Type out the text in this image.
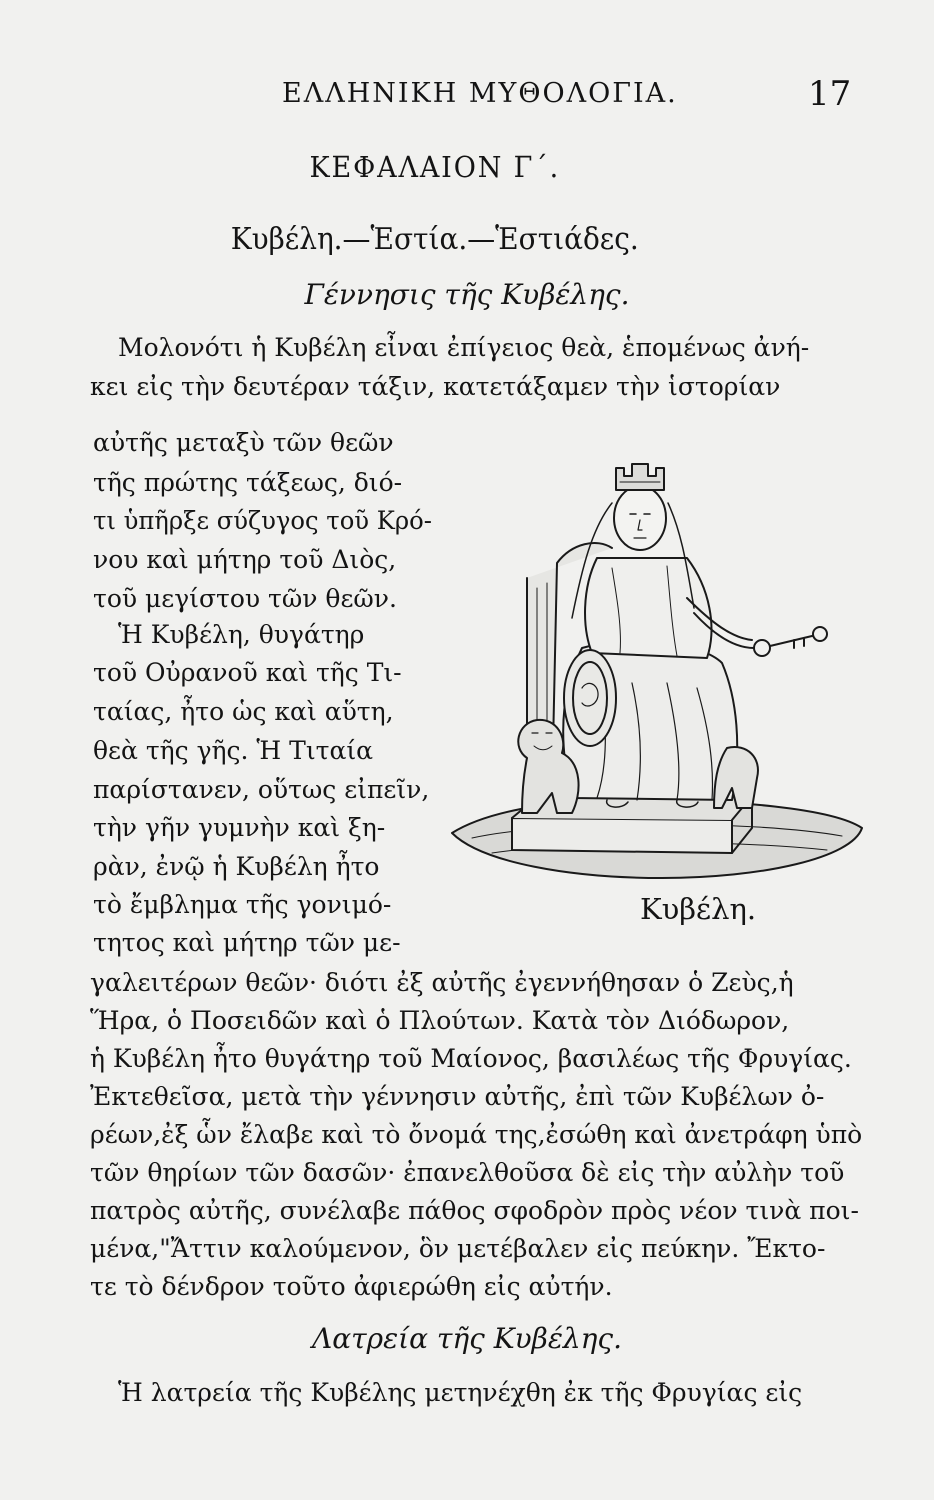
ΕΛΛΗΝΙΚΗ ΜΥΘΟΛΟΓΙΑ.	17
ΚΕΦΑΛΑΙΟΝ Γ΄.
Κυβέλη.—Ἑστία.—Ἑστιάδες.
Γέννησις τῆς Κυβέλης.
Μολονότι ἡ Κυβέλη εἶναι ἐπίγειος θεὰ, ἑπομένως ἀνή-
κει εἰς τὴν δευτέραν τάξιν, κατετάξαμεν τὴν ἱστορίαν
αὐτῆς μεταξὺ τῶν θεῶν
τῆς πρώτης τάξεως, διό-
τι ὑπῆρξε σύζυγος τοῦ Κρό-
νου καὶ μήτηρ τοῦ Διὸς,
τοῦ μεγίστου τῶν θεῶν.
Ἡ Κυβέλη, θυγάτηρ
τοῦ Οὐρανοῦ καὶ τῆς Τι-
ταίας, ἦτο ὡς καὶ αὕτη,
θεὰ τῆς γῆς. Ἡ Τιταία
παρίστανεν, οὕτως εἰπεῖν,
τὴν γῆν γυμνὴν καὶ ξη-
ρὰν, ἐνῷ ἡ Κυβέλη ἦτο
τὸ ἔμβλημα τῆς γονιμό-
τητος καὶ μήτηρ τῶν με-
Κυβέλη.
γαλειτέρων θεῶν· διότι ἐξ αὐτῆς ἐγεννήθησαν ὁ Ζεὺς,ἡ
Ἥρα, ὁ Ποσειδῶν καὶ ὁ Πλούτων. Κατὰ τὸν Διόδωρον,
ἡ Κυβέλη ἦτο θυγάτηρ τοῦ Μαίονος, βασιλέως τῆς Φρυγίας.
Ἐκτεθεῖσα, μετὰ τὴν γέννησιν αὐτῆς, ἐπὶ τῶν Κυβέλων ὀ-
ρέων,ἐξ ὧν ἔλαβε καὶ τὸ ὄνομά της,ἐσώθη καὶ ἀνετράφη ὑπὸ
τῶν θηρίων τῶν δασῶν· ἐπανελθοῦσα δὲ εἰς τὴν αὐλὴν τοῦ
πατρὸς αὐτῆς, συνέλαβε πάθος σφοδρὸν πρὸς νέον τινὰ ποι-
μένα,"Ἄττιν καλούμενον, ὃν μετέβαλεν εἰς πεύκην. Ἔκτο-
τε τὸ δένδρον τοῦτο ἀφιερώθη εἰς αὐτήν.
Λατρεία τῆς Κυβέλης.
Ἡ λατρεία τῆς Κυβέλης μετηνέχθη ἐκ τῆς Φρυγίας εἰς
